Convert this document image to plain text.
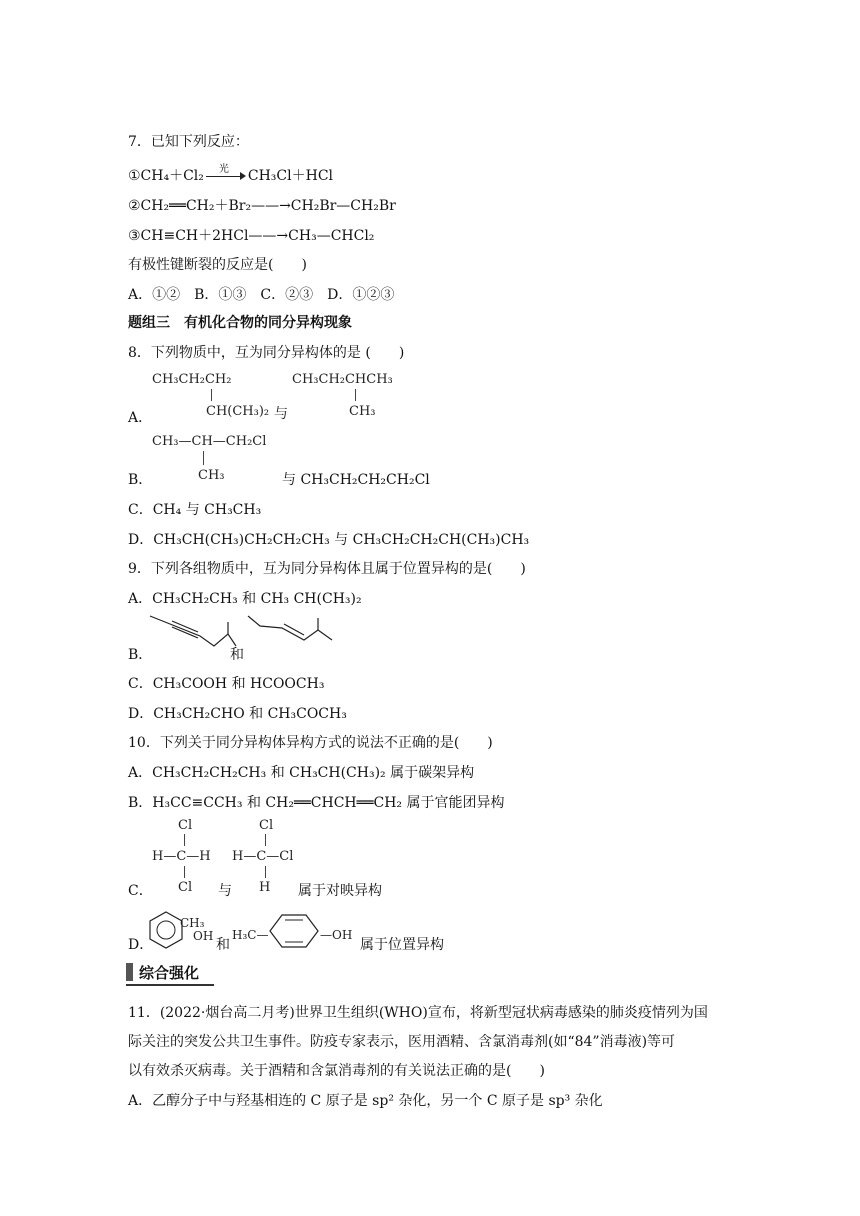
7．已知下列反应：
①CH₄＋Cl₂ 光 CH₃Cl＋HCl
②CH₂══CH₂＋Br₂——→CH₂Br—CH₂Br
③CH≡CH＋2HCl——→CH₃—CHCl₂
有极性键断裂的反应是(　　)
A．①②　B．①③　C．②③　D．①②③
题组三　有机化合物的同分异构现象
8．下列物质中，互为同分异构体的是 (　　)
CH₃CH₂CH₂
CH(CH₃)₂
A．	与
CH₃CH₂CHCH₃
CH₃
CH₃—CH—CH₂Cl
CH₃
B．	与 CH₃CH₂CH₂CH₂Cl
C．CH₄ 与 CH₃CH₃
D．CH₃CH(CH₃)CH₂CH₂CH₃ 与 CH₃CH₂CH₂CH(CH₃)CH₃
9．下列各组物质中，互为同分异构体且属于位置异构的是(　　)
A．CH₃CH₂CH₃ 和 CH₃ CH(CH₃)₂
B．	和
C．CH₃COOH 和 HCOOCH₃
D．CH₃CH₂CHO 和 CH₃COCH₃
10．下列关于同分异构体异构方式的说法不正确的是(　　)
A．CH₃CH₂CH₂CH₃ 和 CH₃CH(CH₃)₂ 属于碳架异构
B．H₃CC≡CCH₃ 和 CH₂══CHCH══CH₂ 属于官能团异构
Cl
H—C—H
Cl
C．	与
Cl
H—C—Cl
H 属于对映异构
D．
CH₃
OH
和
H₃C—	—OH
属于位置异构
综合强化
11．(2022·烟台高二月考)世界卫生组织(WHO)宣布，将新型冠状病毒感染的肺炎疫情列为国
际关注的突发公共卫生事件。防疫专家表示，医用酒精、含氯消毒剂(如“84”消毒液)等可
以有效杀灭病毒。关于酒精和含氯消毒剂的有关说法正确的是(　　)
A．乙醇分子中与羟基相连的 C 原子是 sp² 杂化，另一个 C 原子是 sp³ 杂化
